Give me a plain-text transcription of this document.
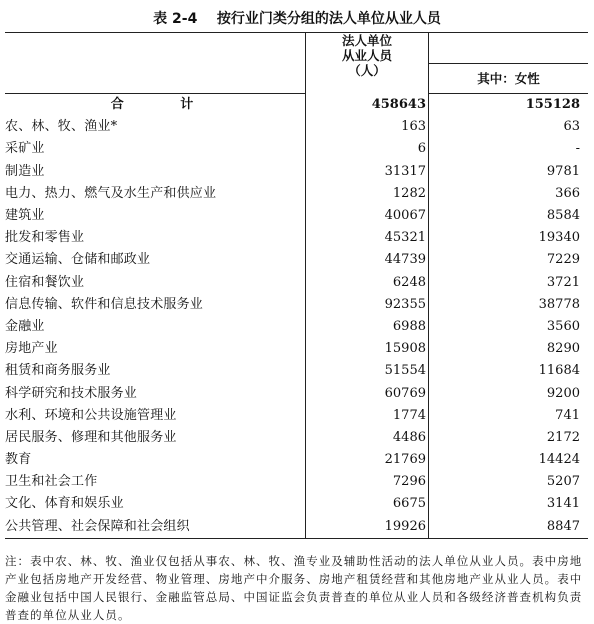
表 2-4    按行业门类分组的法人单位从业人员

	法人单位
从业人员
（人）	

		其中：女性
合 计	458643	155128
农、林、牧、渔业*	163	63
采矿业	6	-
制造业	31317	9781
电力、热力、燃气及水生产和供应业	1282	366
建筑业	40067	8584
批发和零售业	45321	19340
交通运输、仓储和邮政业	44739	7229
住宿和餐饮业	6248	3721
信息传输、软件和信息技术服务业	92355	38778
金融业	6988	3560
房地产业	15908	8290
租赁和商务服务业	51554	11684
科学研究和技术服务业	60769	9200
水利、环境和公共设施管理业	1774	741
居民服务、修理和其他服务业	4486	2172
教育	21769	14424
卫生和社会工作	7296	5207
文化、体育和娱乐业	6675	3141
公共管理、社会保障和社会组织	19926	8847
注：表中农、林、牧、渔业仅包括从事农、林、牧、渔专业及辅助性活动的法人单位从业人员。表中房地产业包括房地产开发经营、物业管理、房地产中介服务、房地产租赁经营和其他房地产业从业人员。表中金融业包括中国人民银行、金融监管总局、中国证监会负责普查的单位从业人员和各级经济普查机构负责普查的单位从业人员。
